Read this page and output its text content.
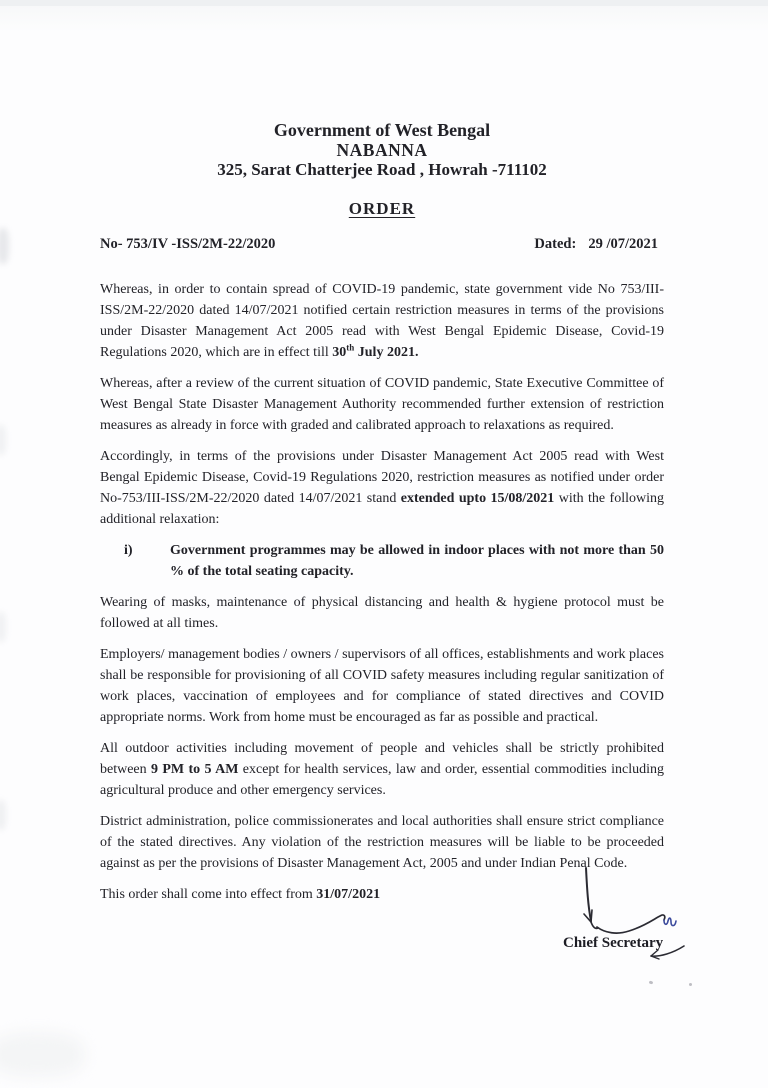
Government of West Bengal
NABANNA
325, Sarat Chatterjee Road , Howrah -711102
ORDER
No- 753/IV -ISS/2M-22/2020	Dated: 29 /07/2021

Whereas, in order to contain spread of COVID-19 pandemic, state government vide No 753/III-ISS/2M-22/2020 dated 14/07/2021 notified certain restriction measures in terms of the provisions under Disaster Management Act 2005 read with West Bengal Epidemic Disease, Covid-19 Regulations 2020, which are in effect till 30th July 2021.

Whereas, after a review of the current situation of COVID pandemic, State Executive Committee of West Bengal State Disaster Management Authority recommended further extension of restriction measures as already in force with graded and calibrated approach to relaxations as required.

Accordingly, in terms of the provisions under Disaster Management Act 2005 read with West Bengal Epidemic Disease, Covid-19 Regulations 2020, restriction measures as notified under order No-753/III-ISS/2M-22/2020 dated 14/07/2021 stand extended upto 15/08/2021 with the following additional relaxation:

i)	Government programmes may be allowed in indoor places with not more than 50 % of the total seating capacity.

Wearing of masks, maintenance of physical distancing and health & hygiene protocol must be followed at all times.

Employers/ management bodies / owners / supervisors of all offices, establishments and work places shall be responsible for provisioning of all COVID safety measures including regular sanitization of work places, vaccination of employees and for compliance of stated directives and COVID appropriate norms. Work from home must be encouraged as far as possible and practical.

All outdoor activities including movement of people and vehicles shall be strictly prohibited between 9 PM to 5 AM except for health services, law and order, essential commodities including agricultural produce and other emergency services.

District administration, police commissionerates and local authorities shall ensure strict compliance of the stated directives. Any violation of the restriction measures will be liable to be proceeded against as per the provisions of Disaster Management Act, 2005 and under Indian Penal Code.

This order shall come into effect from 31/07/2021

Chief Secretary
